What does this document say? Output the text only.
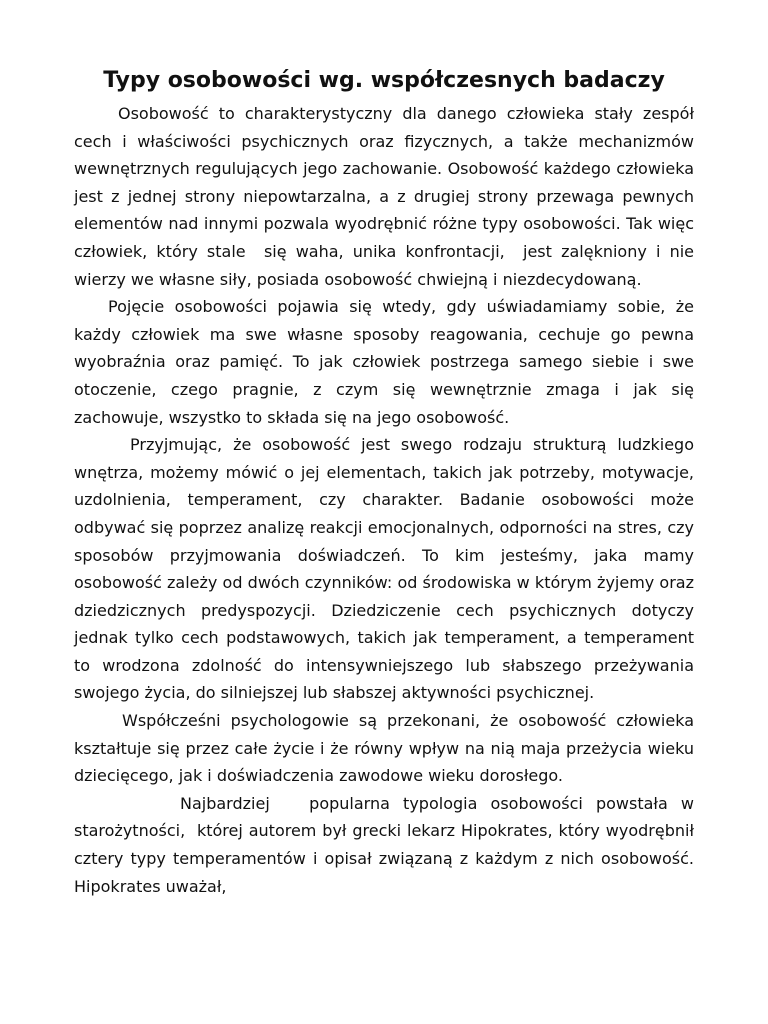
Typy osobowości wg. współczesnych badaczy

Osobowość to charakterystyczny dla danego człowieka stały zespół cech i właściwości psychicznych oraz fizycznych, a także mechanizmów wewnętrznych regulujących jego zachowanie. Osobowość każdego człowieka  jest z jednej strony niepowtarzalna, a z drugiej strony przewaga pewnych elementów nad innymi pozwala wyodrębnić różne typy osobowości. Tak więc człowiek, który stale  się waha, unika konfrontacji,  jest zalękniony i nie wierzy we własne siły, posiada osobowość chwiejną i niezdecydowaną.

Pojęcie osobowości pojawia się wtedy, gdy uświadamiamy sobie, że każdy człowiek ma swe własne sposoby reagowania, cechuje go pewna wyobraźnia oraz pamięć. To jak człowiek postrzega samego siebie i swe otoczenie, czego pragnie, z czym się wewnętrznie zmaga i jak się zachowuje, wszystko to składa się na jego osobowość.

Przyjmując, że osobowość jest swego rodzaju strukturą ludzkiego wnętrza, możemy mówić o jej elementach, takich jak potrzeby, motywacje, uzdolnienia, temperament, czy charakter. Badanie osobowości może odbywać się poprzez analizę reakcji emocjonalnych, odporności na stres, czy sposobów przyjmowania doświadczeń. To kim jesteśmy, jaka mamy osobowość zależy od dwóch czynników: od środowiska w którym żyjemy oraz dziedzicznych predyspozycji. Dziedziczenie cech psychicznych dotyczy jednak tylko cech podstawowych, takich jak temperament, a temperament to wrodzona zdolność do intensywniejszego lub słabszego przeżywania swojego życia, do silniejszej lub słabszej aktywności psychicznej.

Współcześni psychologowie są przekonani, że osobowość człowieka kształtuje się przez całe życie i że równy wpływ na nią maja przeżycia wieku dziecięcego, jak i doświadczenia zawodowe wieku dorosłego.

Najbardziej   popularna typologia osobowości powstała w starożytności,  której autorem był grecki lekarz Hipokrates, który wyodrębnił cztery typy temperamentów i opisał związaną z każdym z nich osobowość. Hipokrates uważał,
